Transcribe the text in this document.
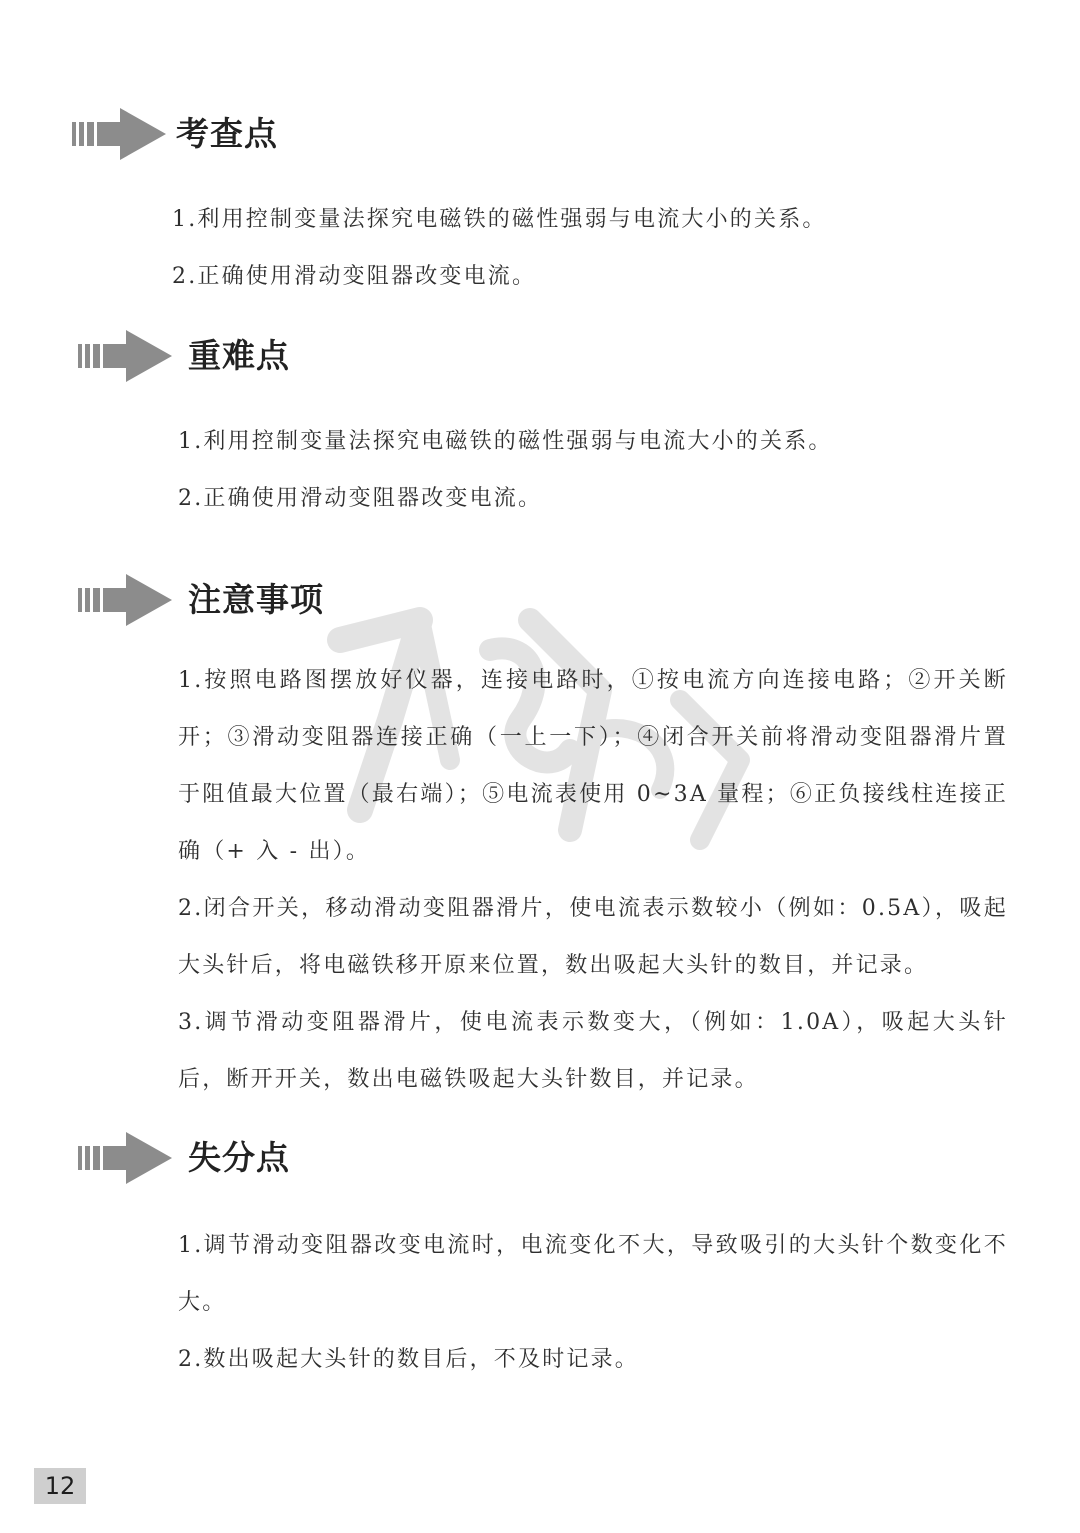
考查点

1.利用控制变量法探究电磁铁的磁性强弱与电流大小的关系。

2.正确使用滑动变阻器改变电流。

重难点

1.利用控制变量法探究电磁铁的磁性强弱与电流大小的关系。

2.正确使用滑动变阻器改变电流。

注意事项

1.按照电路图摆放好仪器，连接电路时，①按电流方向连接电路；②开关断开；③滑动变阻器连接正确（一上一下）；④闭合开关前将滑动变阻器滑片置于阻值最大位置（最右端）；⑤电流表使用 0~3A 量程；⑥正负接线柱连接正确（+ 入 - 出）。

2.闭合开关，移动滑动变阻器滑片，使电流表示数较小（例如：0.5A），吸起大头针后，将电磁铁移开原来位置，数出吸起大头针的数目，并记录。

3.调节滑动变阻器滑片，使电流表示数变大，（例如：1.0A），吸起大头针后，断开开关，数出电磁铁吸起大头针数目，并记录。

失分点

1.调节滑动变阻器改变电流时，电流变化不大，导致吸引的大头针个数变化不大。

2.数出吸起大头针的数目后，不及时记录。

12
